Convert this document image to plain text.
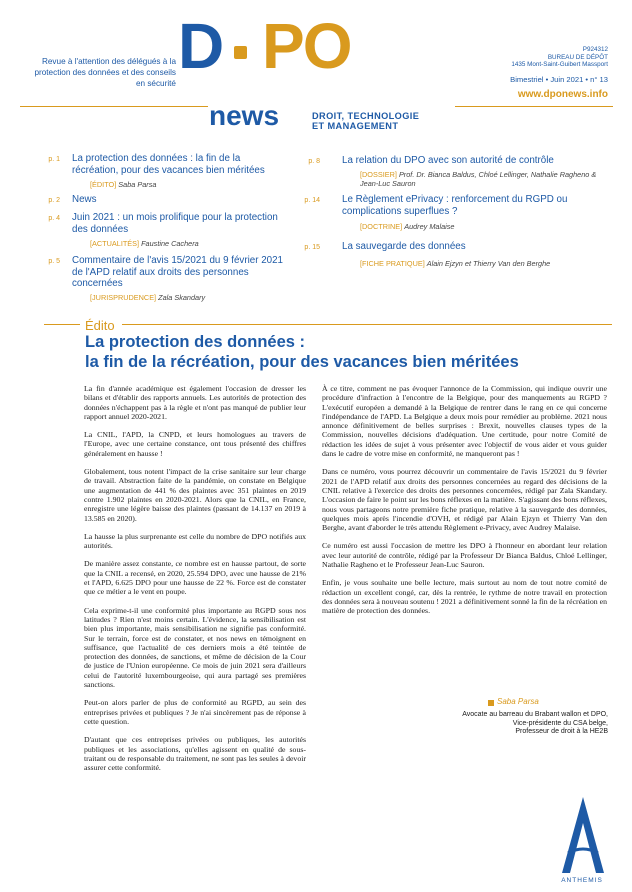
Revue à l'attention des délégués à la protection des données et des conseils en sécurité
D PO
news	DROIT, TECHNOLOGIE
ET MANAGEMENT
P924312
BUREAU DE DÉPÔT
1435 Mont-Saint-Guibert Massport
Bimestriel • Juin 2021 • n° 13
www.dponews.info
p. 1 La protection des données : la fin de la récréation, pour des vacances bien méritées
[ÉDITO] Saba Parsa
p. 2 News
p. 4 Juin 2021 : un mois prolifique pour la protection des données
[ACTUALITÉS] Faustine Cachera
p. 5 Commentaire de l'avis 15/2021 du 9 février 2021 de l'APD relatif aux droits des personnes concernées
[JURISPRUDENCE] Zala Skandary
p. 8 La relation du DPO avec son autorité de contrôle
[DOSSIER] Prof. Dr. Bianca Baldus, Chloé Lellinger, Nathalie Ragheno & Jean-Luc Sauron
p. 14 Le Règlement ePrivacy : renforcement du RGPD ou complications superflues ?
[DOCTRINE] Audrey Malaise
p. 15 La sauvegarde des données
[FICHE PRATIQUE] Alain Ejzyn et Thierry Van den Berghe
Édito
La protection des données :
la fin de la récréation, pour des vacances bien méritées

La fin d'année académique est également l'occasion de dresser les bilans et d'établir des rapports annuels. Les autorités de protection des données n'échappent pas à la règle et n'ont pas manqué de publier leur rapport annuel 2020-2021.

La CNIL, l'APD, la CNPD, et leurs homologues au travers de l'Europe, avec une certaine constance, ont tous présenté des chiffres généralement en hausse !

Globalement, tous notent l'impact de la crise sanitaire sur leur charge de travail. Abstraction faite de la pandémie, on constate en Belgique une augmentation de 441 % des plaintes avec 351 plaintes en 2019 contre 1.902 plaintes en 2020-2021. Alors que la CNIL, en France, enregistre une légère baisse des plaintes (passant de 14.137 en 2019 à 13.585 en 2020).

La hausse la plus surprenante est celle du nombre de DPO notifiés aux autorités.

De manière assez constante, ce nombre est en hausse partout, de sorte que la CNIL a recensé, en 2020, 25.594 DPO, avec une hausse de 21% et l'APD, 6.625 DPO pour une hausse de 22 %. Force est de constater que ce métier a le vent en poupe.

Cela exprime-t-il une conformité plus importante au RGPD sous nos latitudes ? Rien n'est moins certain. L'évidence, la sensibilisation est bien plus importante, mais sensibilisation ne signifie pas conformité. Sur le terrain, force est de constater, et nos news en témoignent en suffisance, que l'actualité de ces derniers mois a été teintée de protection des données, de sanctions, et même de décision de la Cour de justice de l'Union européenne. Ce mois de juin 2021 sera d'ailleurs celui de l'autorité luxembourgeoise, qui aura partagé ses premières sanctions.

Peut-on alors parler de plus de conformité au RGPD, au sein des entreprises privées et publiques ? Je n'ai sincèrement pas de réponse à cette question.

D'autant que ces entreprises privées ou publiques, les autorités publiques et les associations, qu'elles agissent en qualité de sous-traitant ou de responsable du traitement, ne sont pas les seules à devoir assurer cette conformité.

À ce titre, comment ne pas évoquer l'annonce de la Commission, qui indique ouvrir une procédure d'infraction à l'encontre de la Belgique, pour des manquements au RGPD ? L'exécutif européen a demandé à la Belgique de rentrer dans le rang en ce qui concerne l'indépendance de l'APD. La Belgique a deux mois pour remédier au problème. 2021 nous annonce définitivement de belles surprises : Brexit, nouvelles clauses types de la Commission, nouvelles décisions d'adéquation. Une certitude, pour notre Comité de rédaction les idées de sujet à vous présenter avec l'objectif de vous aider et vous guider dans le cadre de votre mise en conformité, ne manqueront pas !

Dans ce numéro, vous pourrez découvrir un commentaire de l'avis 15/2021 du 9 février 2021 de l'APD relatif aux droits des personnes concernées au regard des décisions de la CNIL relative à l'exercice des droits des personnes concernées, rédigé par Zala Skandary. L'occasion de faire le point sur les bons réflexes en la matière. S'agissant des bons réflexes, nous vous partageons notre première fiche pratique, relative à la sauvegarde des données, quelques mois après l'incendie d'OVH, et rédigé par Alain Ejzyn et Thierry Van den Berghe, avant d'aborder le très attendu Règlement e-Privacy, avec Audrey Malaise.

Ce numéro est aussi l'occasion de mettre les DPO à l'honneur en abordant leur relation avec leur autorité de contrôle, rédigé par la Professeur Dr Bianca Baldus, Chloé Lellinger, Nathalie Ragheno et le Professeur Jean-Luc Sauron.

Enfin, je vous souhaite une belle lecture, mais surtout au nom de tout notre comité de rédaction un excellent congé, car, dès la rentrée, le rythme de notre travail en protection des données sera à nouveau soutenu ! 2021 a définitivement sonné la fin de la récréation en matière de protection des données.

Saba Parsa
Avocate au barreau du Brabant wallon et DPO,
Vice-présidente du CSA belge,
Professeur de droit à la HE2B
ANTHEMIS
